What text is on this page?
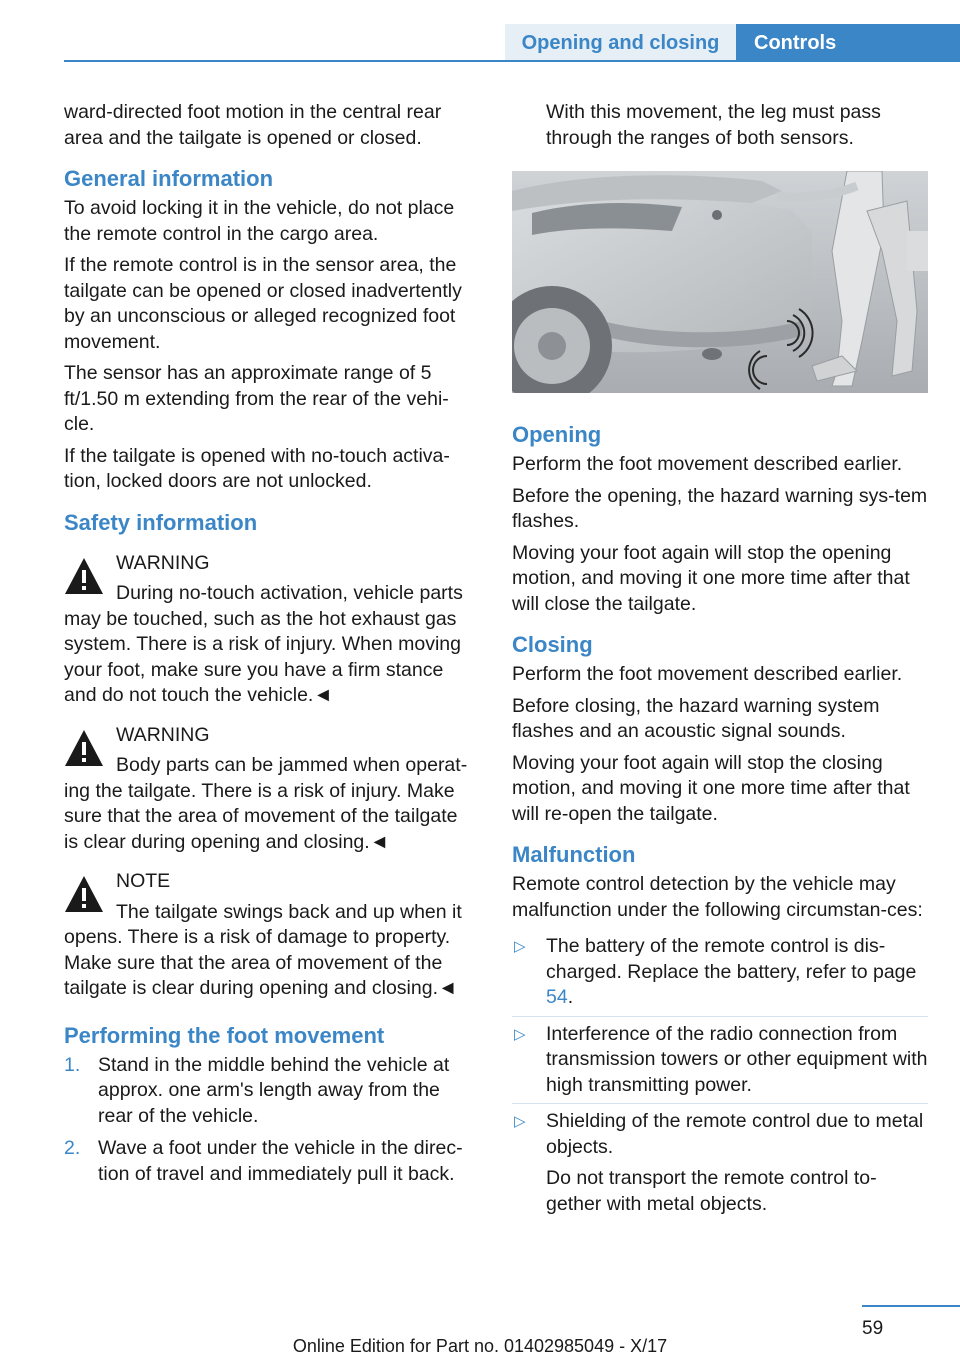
Opening and closing	Controls

ward-directed foot motion in the central rear area and the tailgate is opened or closed.

General information

To avoid locking it in the vehicle, do not place the remote control in the cargo area.

If the remote control is in the sensor area, the tailgate can be opened or closed inadvertently by an unconscious or alleged recognized foot movement.

The sensor has an approximate range of 5 ft/1.50 m extending from the rear of the vehi‐cle.

If the tailgate is opened with no-touch activa‐tion, locked doors are not unlocked.

Safety information
WARNING
During no-touch activation, vehicle parts
may be touched, such as the hot exhaust gas system. There is a risk of injury. When moving your foot, make sure you have a firm stance and do not touch the vehicle.◄
WARNING
Body parts can be jammed when operat‐
ing the tailgate. There is a risk of injury. Make sure that the area of movement of the tailgate is clear during opening and closing.◄
NOTE
The tailgate swings back and up when it
opens. There is a risk of damage to property. Make sure that the area of movement of the tailgate is clear during opening and closing.◄
Performing the foot movement
1. Stand in the middle behind the vehicle at approx. one arm's length away from the rear of the vehicle.
2. Wave a foot under the vehicle in the direc‐tion of travel and immediately pull it back.

With this movement, the leg must pass through the ranges of both sensors.

Opening

Perform the foot movement described earlier.

Before the opening, the hazard warning sys‐tem flashes.

Moving your foot again will stop the opening motion, and moving it one more time after that will close the tailgate.

Closing

Perform the foot movement described earlier.

Before closing, the hazard warning system flashes and an acoustic signal sounds.

Moving your foot again will stop the closing motion, and moving it one more time after that will re-open the tailgate.

Malfunction

Remote control detection by the vehicle may malfunction under the following circumstan‐ces:

▷ The battery of the remote control is dis‐charged. Replace the battery, refer to page 54.
▷ Interference of the radio connection from transmission towers or other equipment with high transmitting power.
▷ Shielding of the remote control due to metal objects.
Do not transport the remote control to‐gether with metal objects.
59
Online Edition for Part no. 01402985049 - X/17
